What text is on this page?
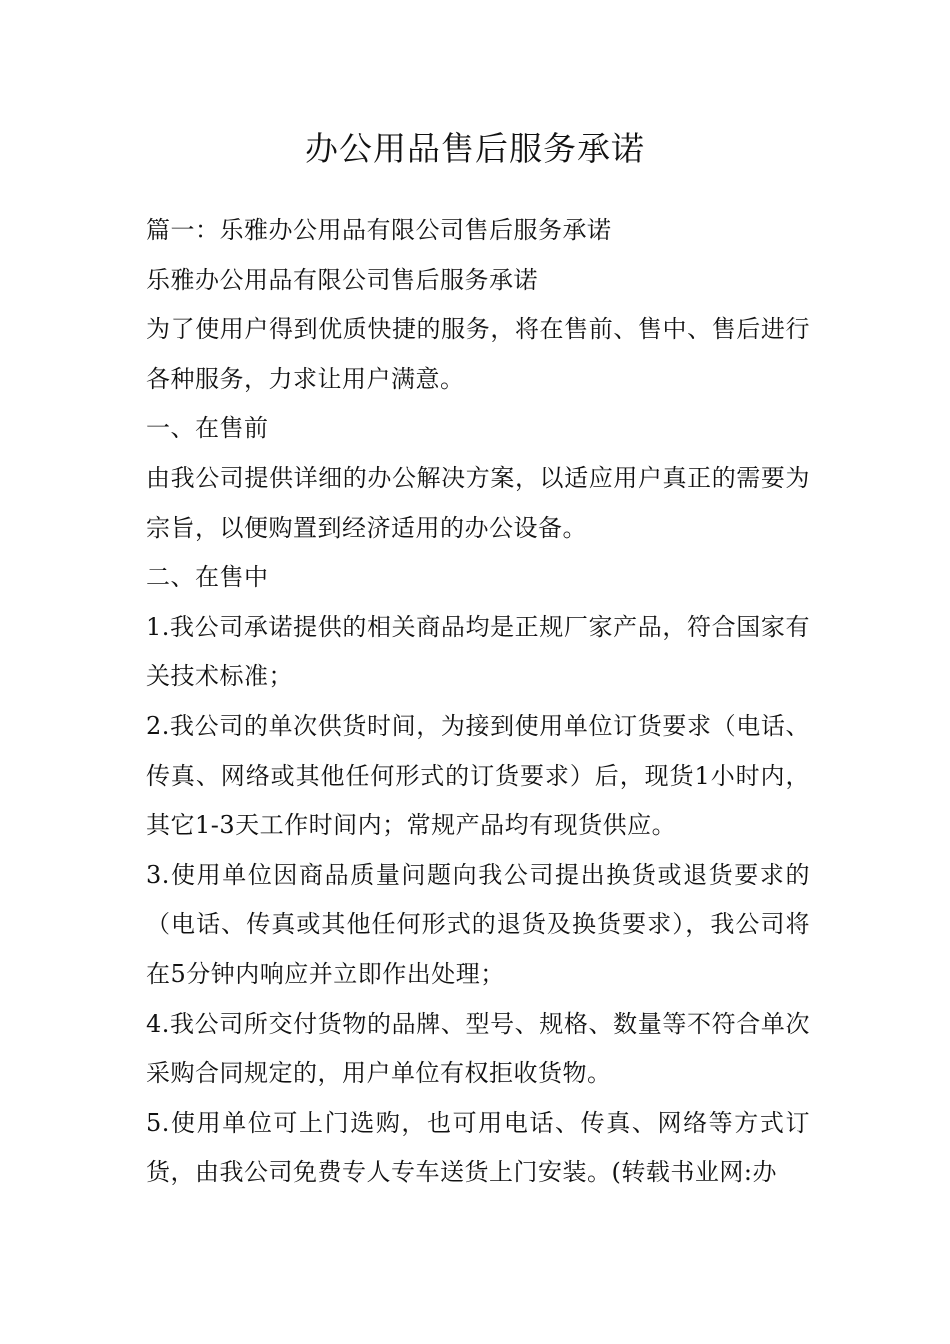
办公用品售后服务承诺

篇一：乐雅办公用品有限公司售后服务承诺

乐雅办公用品有限公司售后服务承诺

为了使用户得到优质快捷的服务，将在售前、售中、售后进行各种服务，力求让用户满意。

一、在售前

由我公司提供详细的办公解决方案，以适应用户真正的需要为宗旨，以便购置到经济适用的办公设备。

二、在售中

1.我公司承诺提供的相关商品均是正规厂家产品，符合国家有关技术标准；

2.我公司的单次供货时间，为接到使用单位订货要求（电话、传真、网络或其他任何形式的订货要求）后，现货1小时内，其它1-3天工作时间内；常规产品均有现货供应。

3.使用单位因商品质量问题向我公司提出换货或退货要求的（电话、传真或其他任何形式的退货及换货要求），我公司将在5分钟内响应并立即作出处理；

4.我公司所交付货物的品牌、型号、规格、数量等不符合单次采购合同规定的，用户单位有权拒收货物。

5.使用单位可上门选购，也可用电话、传真、网络等方式订货，由我公司免费专人专车送货上门安装。(转载书业网:办
